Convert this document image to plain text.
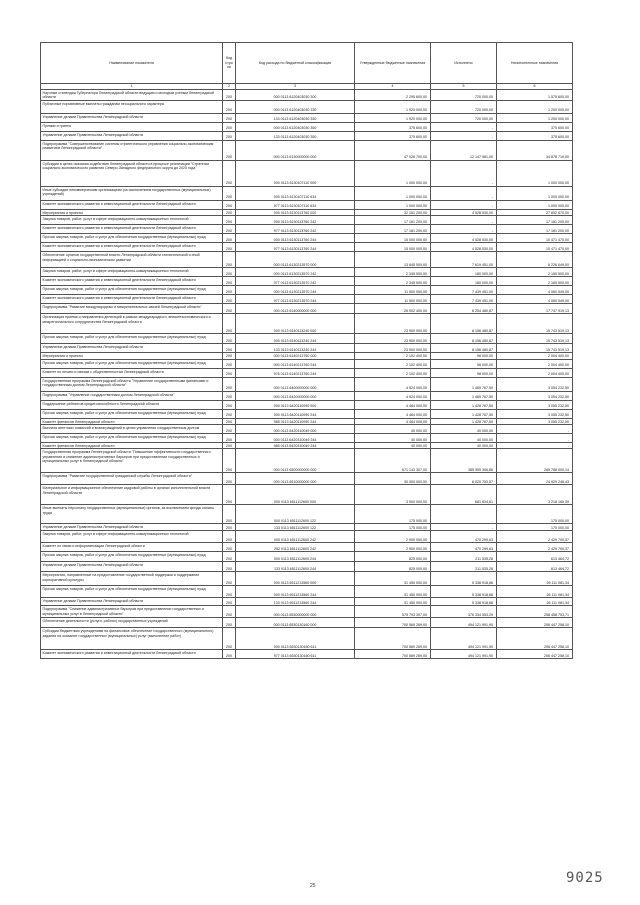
Наименование показателя	Код стро ки	Код расхода по бюджетной классификации	Утвержденные бюджетные назначения	Исполнено	Неисполненные назначения
1	2	3	4	5	6
Научные стипендии Губернатора Ленинградской области ведущим и молодым ученым Ленинградской области	200	000 0113 6120403030 300	2 295 600,00	720 000,00	1 575 600,00
Публичные нормативные выплаты гражданам несоциального характера	200	000 0113 6120403030 330	1 920 000,00	720 000,00	1 200 000,00
Управление делами Правительства Ленинградской области	200	133 0113 6120403030 330	1 920 000,00	720 000,00	1 200 000,00
Премии и гранты	200	000 0113 6120403030 350	375 600,00	-	375 600,00
Управление делами Правительства Ленинградской области	200	133 0113 6120403030 350	375 600,00	-	375 600,00
Подпрограмма "Совершенствование системы стратегического управления социально-экономическим развитием Ленинградской области"	200	000 0113 6130000000 000	47 026 700,00	12 147 981,00	34 878 719,00
Субсидии в целях оказания содействия Ленинградской области в процессе реализации "Стратегии социально-экономического развития Северо-Западного федерального округа до 2020 года"	200	000 0113 6130107110 000	1 000 000,00	-	1 000 000,00
Иные субсидии некоммерческим организациям (за исключением государственных (муниципальных) учреждений)	200	000 0113 6130107110 634	1 000 000,00	-	1 000 000,00
Комитет экономического развития и инвестиционной деятельности Ленинградской области	200	977 0113 6130107110 634	1 000 000,00	-	1 000 000,00
Мероприятия и проекты	200	000 0113 6130113760 000	32 181 200,00	4 528 530,00	27 652 670,00
Закупка товаров, работ, услуг в сфере информационно-коммуникационных технологий	200	000 0113 6130113760 242	17 181 200,00	-	17 181 200,00
Комитет экономического развития и инвестиционной деятельности Ленинградской области	200	977 0113 6130113760 242	17 181 200,00	-	17 181 200,00
Прочая закупка товаров, работ и услуг для обеспечения государственных (муниципальных) нужд	200	000 0113 6130113760 244	15 000 000,00	4 528 530,00	10 471 470,00
Комитет экономического развития и инвестиционной деятельности Ленинградской области	200	977 0113 6130113760 244	15 000 000,00	4 528 530,00	10 471 470,00
Обеспечение органов государственной власти Ленинградской области статистической и иной информацией о социально-экономическом развитии	200	000 0113 6130213570 000	13 845 500,00	7 619 451,00	6 226 049,00
Закупка товаров, работ, услуг в сфере информационно-коммуникационных технологий	200	000 0113 6130213570 242	2 345 500,00	180 000,00	2 165 500,00
Комитет экономического развития и инвестиционной деятельности Ленинградской области	200	977 0113 6130213570 242	2 345 500,00	180 000,00	2 165 500,00
Прочая закупка товаров, работ и услуг для обеспечения государственных (муниципальных) нужд	200	000 0113 6130213570 244	11 500 000,00	7 439 451,00	4 060 549,00
Комитет экономического развития и инвестиционной деятельности Ленинградской области	200	977 0113 6130213570 244	11 500 000,00	7 439 451,00	4 060 549,00
Подпрограмма "Развитие международных и межрегиональных связей Ленинградской области"	200	000 0113 6140000000 000	26 002 400,00	8 254 480,87	17 747 919,13
Организация приема и направления делегаций в рамках международного, внешнеэкономического и межрегионального сотрудничества Ленинградской области	200	000 0113 6140113240 000	23 900 000,00	8 156 480,87	15 743 519,13
Прочая закупка товаров, работ и услуг для обеспечения государственных (муниципальных) нужд	200	000 0113 6140113240 244	23 900 000,00	8 156 480,87	15 743 519,13
Управление делами Правительства Ленинградской области	200	133 0113 6140113240 244	23 900 000,00	8 156 480,87	15 743 519,13
Мероприятия и проекты	200	000 0113 6140213760 000	2 102 400,00	98 000,00	2 004 400,00
Прочая закупка товаров, работ и услуг для обеспечения государственных (муниципальных) нужд	200	000 0113 6140213760 244	2 102 400,00	98 000,00	2 004 400,00
Комитет по печати и связям с общественностью Ленинградской области	200	976 0113 6140213760 244	2 102 400,00	98 000,00	2 004 400,00
Государственная программа Ленинградской области "Управление государственными финансами и государственным долгом Ленинградской области"	200	000 0113 6400000000 000	4 524 000,00	1 469 767,50	3 054 232,50
Подпрограмма "Управление государственным долгом Ленинградской области"	200	000 0113 6420000000 000	4 524 000,00	1 469 767,50	3 054 232,50
Поддержание рейтингов кредитоспособности Ленинградской области	200	000 0113 6420110090 000	4 484 000,00	1 428 767,50	3 055 232,50
Прочая закупка товаров, работ и услуг для обеспечения государственных (муниципальных) нужд	200	000 0113 6420110090 244	4 484 000,00	1 428 767,50	3 055 232,50
Комитет финансов Ленинградской области	200	985 0113 6420110090 244	4 484 000,00	1 428 767,50	3 055 232,50
Выплата агентских комиссий и вознаграждений в целях управления государственным долгом	200	000 0113 6420310049 000	40 000,00	40 000,00	-
Прочая закупка товаров, работ и услуг для обеспечения государственных (муниципальных) нужд	200	000 0113 6420310049 244	40 000,00	40 000,00	-
Комитет финансов Ленинградской области	200	985 0113 6420310049 244	40 000,00	40 000,00	-
Государственная программа Ленинградской области "Повышение эффективности государственного управления и снижение административных барьеров при предоставлении государственных и муниципальных услуг в Ленинградской области"	200	000 0113 6500000000 000	671 143 307,00	385 355 306,86	285 788 000,14
Подпрограмма "Развитие государственной гражданской службы Ленинградской области"	200	000 0113 6510000000 000	30 300 000,00	6 020 753,57	24 929 246,43
Материальное и информационное обеспечение кадровой работы в органах исполнительной власти Ленинградской области	200	000 0113 6511112600 000	3 900 000,00	681 834,61	3 218 165,39
Иные выплаты персоналу государственных (муниципальных) органов, за исключением фонда оплаты труда	200	000 0113 6511112600 122	175 000,00	-	175 000,00
Управление делами Правительства Ленинградской области	200	133 0113 6511112600 122	175 000,00	-	175 000,00
Закупка товаров, работ, услуг в сфере информационно-коммуникационных технологий	200	000 0113 6511112600 242	2 900 000,00	470 299,63	2 429 700,37
Комитет по связи и информатизации Ленинградской области	200	252 0113 6511112600 242	2 900 000,00	470 299,63	2 429 700,37
Прочая закупка товаров, работ и услуг для обеспечения государственных (муниципальных) нужд	200	000 0113 6511112600 244	825 000,00	211 535,28	613 464,72
Управление делами Правительства Ленинградской области	200	133 0113 6511112600 244	825 000,00	211 535,28	613 464,72
Мероприятия, направленные на предоставление государственной поддержки и поддержание корпоративной культуры	200	000 0113 6511213560 000	31 450 000,00	5 338 918,66	26 111 081,34
Прочая закупка товаров, работ и услуг для обеспечения государственных (муниципальных) нужд	200	000 0113 6511213560 244	31 450 000,00	5 338 918,66	26 111 081,34
Управление делами Правительства Ленинградской области	200	133 0113 6511213560 244	31 450 000,00	5 338 918,66	26 111 081,34
Подпрограмма "Снижение административных барьеров при предоставлении государственных и муниципальных услуг в Ленинградской области"	200	000 0113 6530000000 000	575 793 307,00	376 334 553,29	258 458 753,71
Обеспечение деятельности (услуги, работы) государственных учреждений	200	000 0113 6530130160 000	700 569 269,00	494 121 991,90	206 447 258,10
Субсидии бюджетным учреждениям на финансовое обеспечение государственного (муниципального) задания на оказание государственных (муниципальных) услуг (выполнение работ)	200	000 0113 6530130160 611	700 569 269,00	494 121 991,90	206 447 258,10
Комитет экономического развития и инвестиционной деятельности Ленинградской области	200	977 0113 6530130160 611	700 569 269,00	494 121 991,90	206 447 258,10
25	9025
